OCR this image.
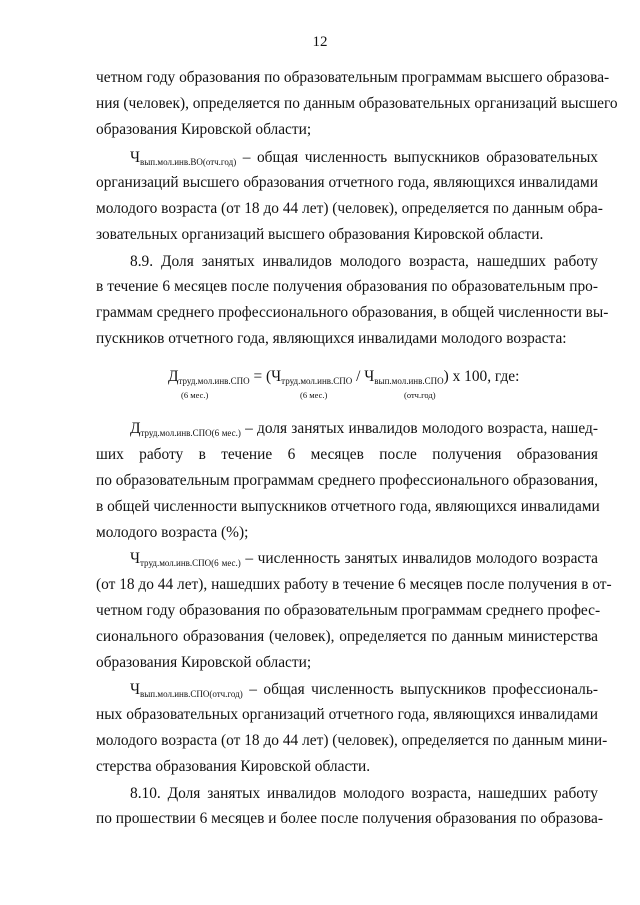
12
четном году образования по образовательным программам высшего образова-
ния (человек), определяется по данным образовательных организаций высшего
образования Кировской области;
$Ч_{вып.мол.инв.ВО(отч.год)}$ – общая численность выпускников образовательных
организаций высшего образования отчетного года, являющихся инвалидами
молодого возраста (от 18 до 44 лет) (человек), определяется по данным обра-
зовательных организаций высшего образования Кировской области.
8.9. Доля занятых инвалидов молодого возраста, нашедших работу
в течение 6 месяцев после получения образования по образовательным про-
граммам среднего профессионального образования, в общей численности вы-
пускников отчетного года, являющихся инвалидами молодого возраста:
$Д_{труд.мол.инв.СПО} = (Ч_{труд.мол.инв.СПО} / Ч_{вып.мол.инв.СПО})$ х 100, где:
(6 мес.)	(6 мес.)	(отч.год)
$Д_{труд.мол.инв.СПО(6 мес.)}$ – доля занятых инвалидов молодого возраста, нашед-
ших работу в течение 6 месяцев после получения образования
по образовательным программам среднего профессионального образования,
в общей численности выпускников отчетного года, являющихся инвалидами
молодого возраста (%);
$Ч_{труд.мол.инв.СПО(6 мес.)}$ – численность занятых инвалидов молодого возраста
(от 18 до 44 лет), нашедших работу в течение 6 месяцев после получения в от-
четном году образования по образовательным программам среднего профес-
сионального образования (человек), определяется по данным министерства
образования Кировской области;
$Ч_{вып.мол.инв.СПО(отч.год)}$ – общая численность выпускников профессиональ-
ных образовательных организаций отчетного года, являющихся инвалидами
молодого возраста (от 18 до 44 лет) (человек), определяется по данным мини-
стерства образования Кировской области.
8.10. Доля занятых инвалидов молодого возраста, нашедших работу
по прошествии 6 месяцев и более после получения образования по образова-
